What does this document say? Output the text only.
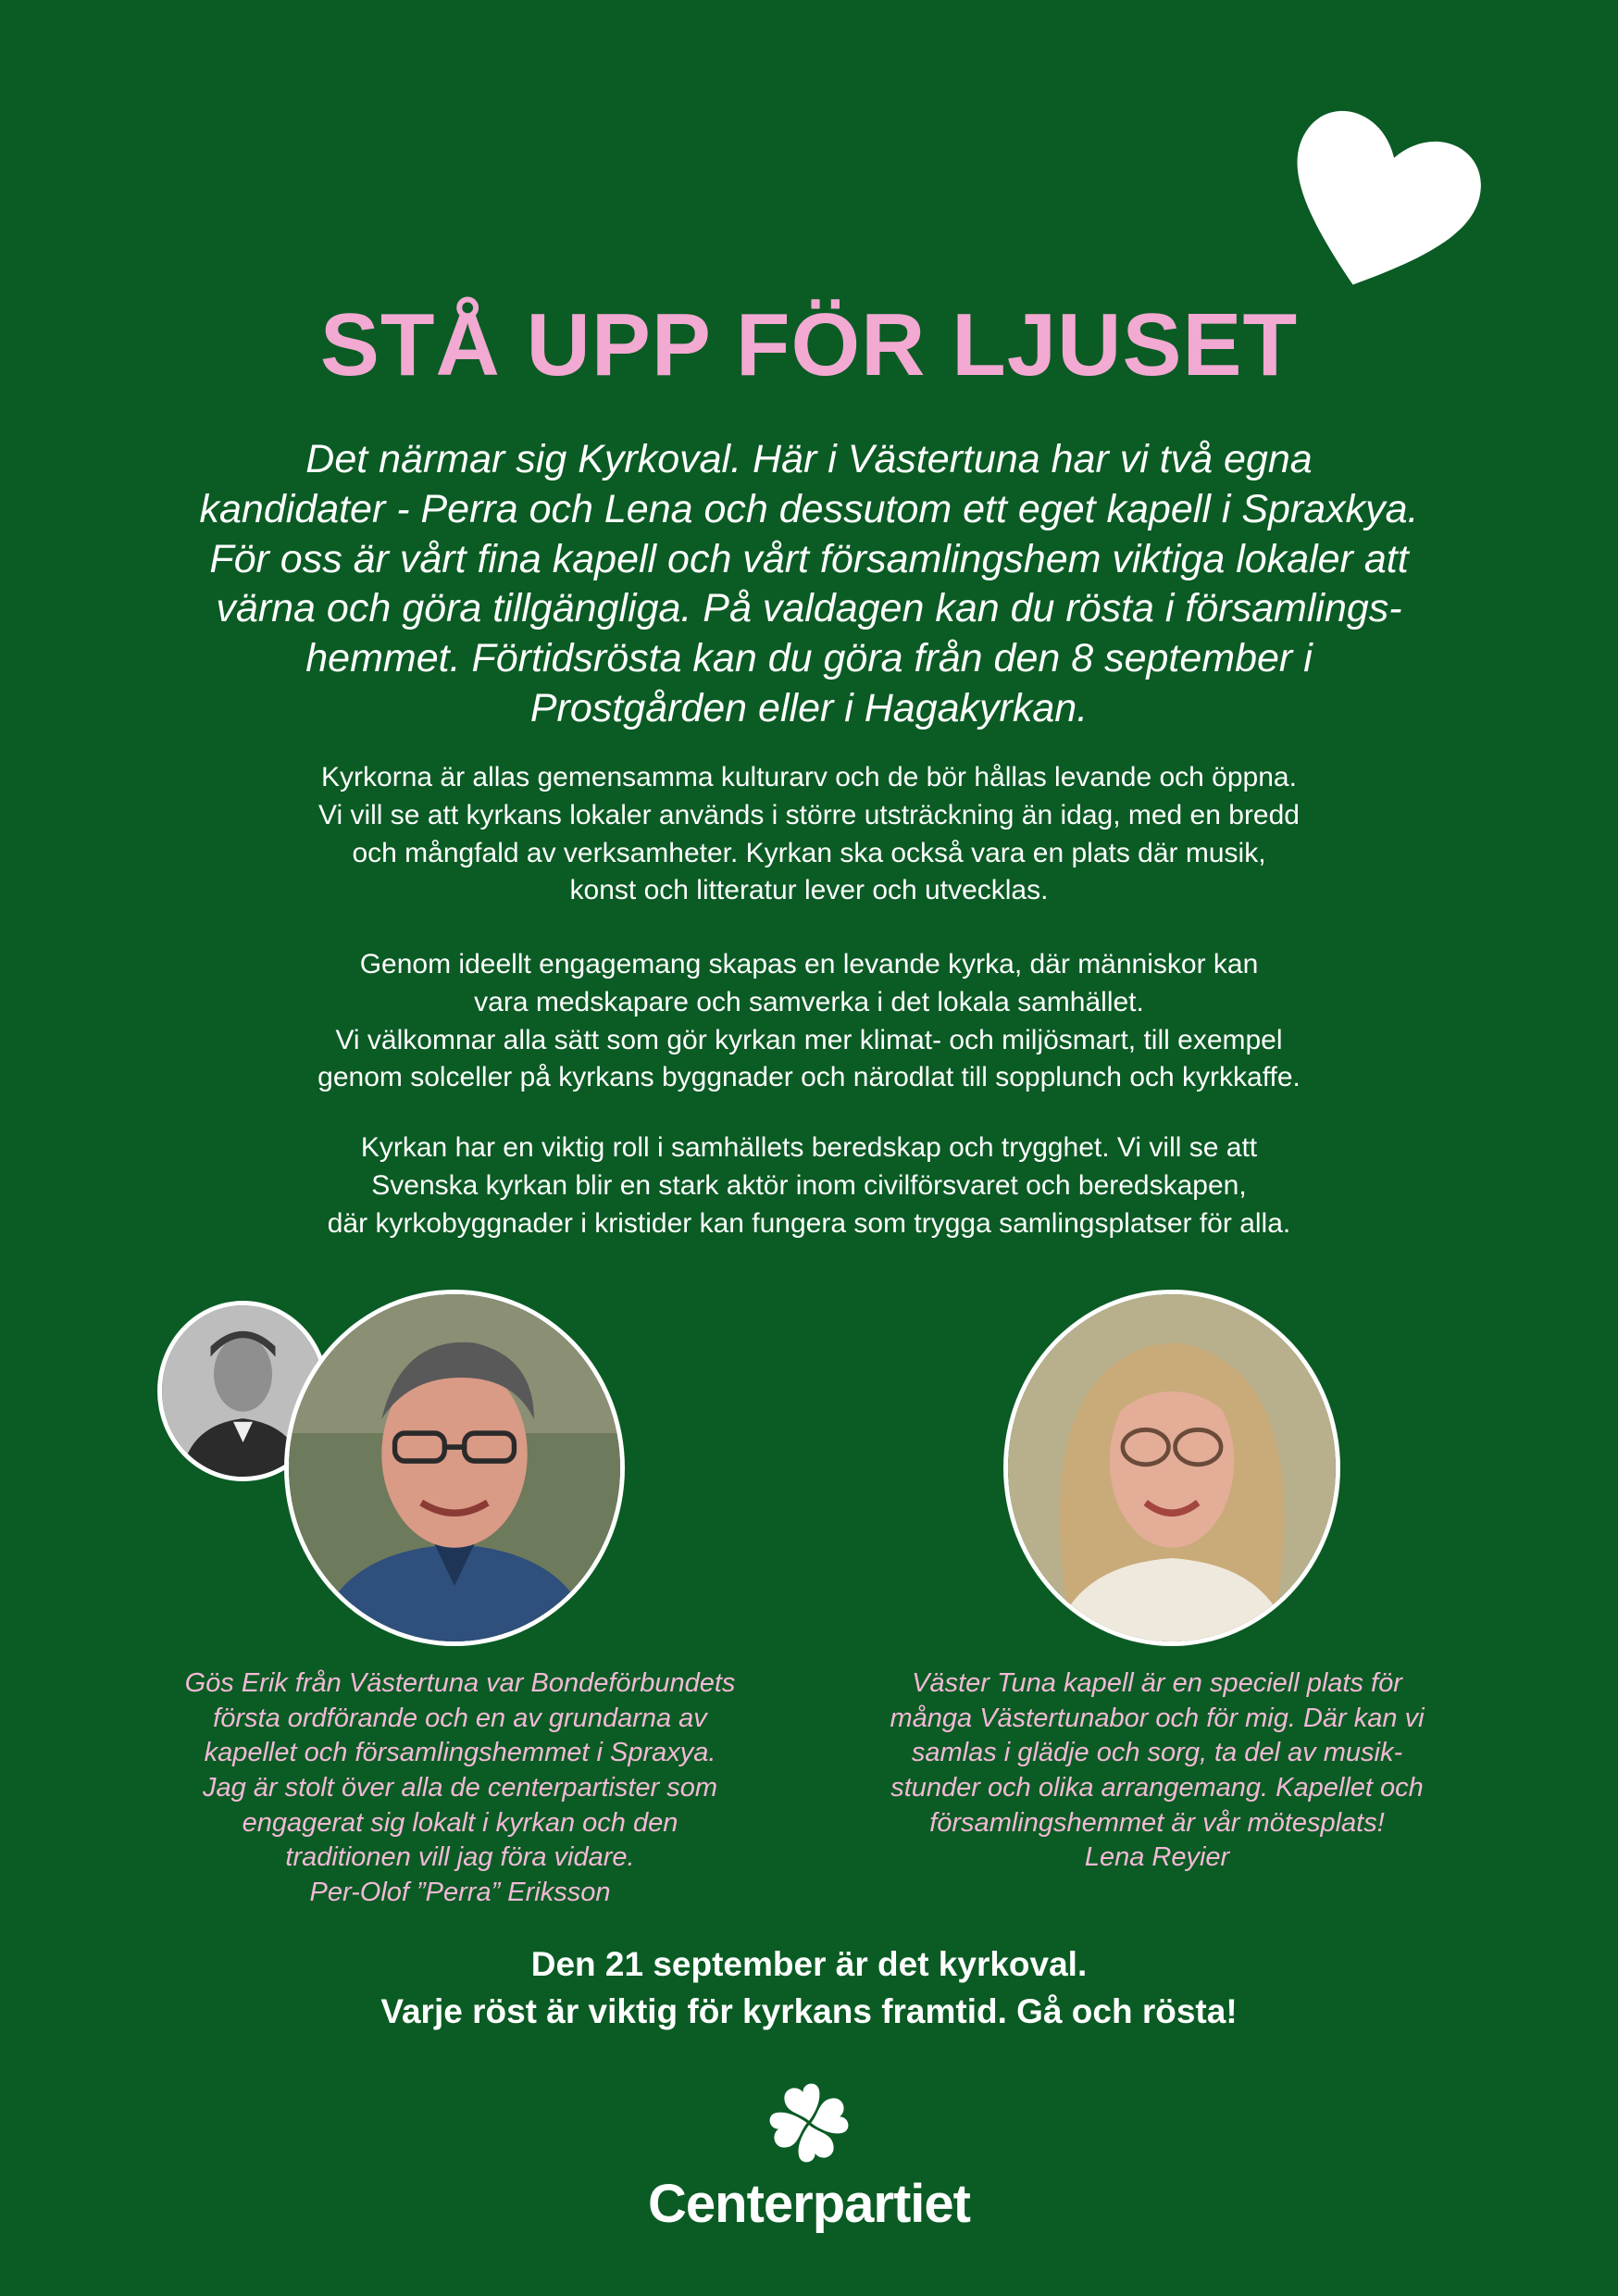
STÅ UPP FÖR LJUSET
Det närmar sig Kyrkoval. Här i Västertuna har vi två egna
kandidater - Perra och Lena och dessutom ett eget kapell i Spraxkya.
För oss är vårt fina kapell och vårt församlingshem viktiga lokaler att
värna och göra tillgängliga. På valdagen kan du rösta i församlings-
hemmet. Förtidsrösta kan du göra från den 8 september i
Prostgården eller i Hagakyrkan.
Kyrkorna är allas gemensamma kulturarv och de bör hållas levande och öppna.
Vi vill se att kyrkans lokaler används i större utsträckning än idag, med en bredd
och mångfald av verksamheter. Kyrkan ska också vara en plats där musik,
konst och litteratur lever och utvecklas.
Genom ideellt engagemang skapas en levande kyrka, där människor kan
vara medskapare och samverka i det lokala samhället.
Vi välkomnar alla sätt som gör kyrkan mer klimat- och miljösmart, till exempel
genom solceller på kyrkans byggnader och närodlat till sopplunch och kyrkkaffe.
Kyrkan har en viktig roll i samhällets beredskap och trygghet. Vi vill se att
Svenska kyrkan blir en stark aktör inom civilförsvaret och beredskapen,
där kyrkobyggnader i kristider kan fungera som trygga samlingsplatser för alla.
Gös Erik från Västertuna var Bondeförbundets
första ordförande och en av grundarna av
kapellet och församlingshemmet i Spraxya.
Jag är stolt över alla de centerpartister som
engagerat sig lokalt i kyrkan och den
traditionen vill jag föra vidare.
Per-Olof ”Perra” Eriksson
Väster Tuna kapell är en speciell plats för
många Västertunabor och för mig. Där kan vi
samlas i glädje och sorg, ta del av musik-
stunder och olika arrangemang. Kapellet och
församlingshemmet är vår mötesplats!
Lena Reyier
Den 21 september är det kyrkoval.
Varje röst är viktig för kyrkans framtid. Gå och rösta!
Centerpartiet
